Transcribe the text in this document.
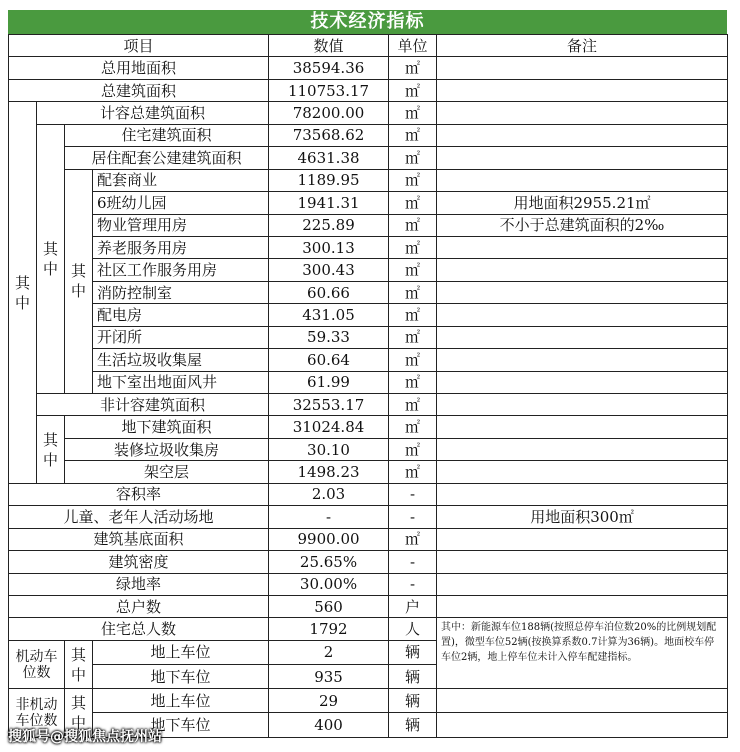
技术经济指标
项目				数值	单位	备注
总用地面积				38594.36	㎡	
总建筑面积				110753.17	㎡	
其中	计容总建筑面积			78200.00	㎡	
	其中	住宅建筑面积		73568.62	㎡	
		居住配套公建建筑面积		4631.38	㎡	
		其中	配套商业	1189.95	㎡	
			6班幼儿园	1941.31	㎡	用地面积2955.21㎡
			物业管理用房	225.89	㎡	不小于总建筑面积的2‰
			养老服务用房	300.13	㎡	
			社区工作服务用房	300.43	㎡	
			消防控制室	60.66	㎡	
			配电房	431.05	㎡	
			开闭所	59.33	㎡	
			生活垃圾收集屋	60.64	㎡	
			地下室出地面风井	61.99	㎡	
	非计容建筑面积			32553.17	㎡	
	其中	地下建筑面积		31024.84	㎡	
		装修垃圾收集房		30.10	㎡	
		架空层		1498.23	㎡	
容积率				2.03	-	
儿童、老年人活动场地				-	-	用地面积300㎡
建筑基底面积				9900.00	㎡	
建筑密度				25.65%	-	
绿地率				30.00%	-	
总户数				560	户	
住宅总人数				1792	人	其中：新能源车位188辆(按照总停车泊位数20%的比例规划配置)，微型车位52辆(按换算系数0.7计算为36辆)。地面校车停车位2辆，地上停车位未计入停车配建指标。
机动车位数		其中	地上车位	2	辆	
			地下车位	935	辆	
非机动车位数		其中	地上车位	29	辆	
			地下车位	400	辆	
搜狐号@搜狐焦点抚州站
